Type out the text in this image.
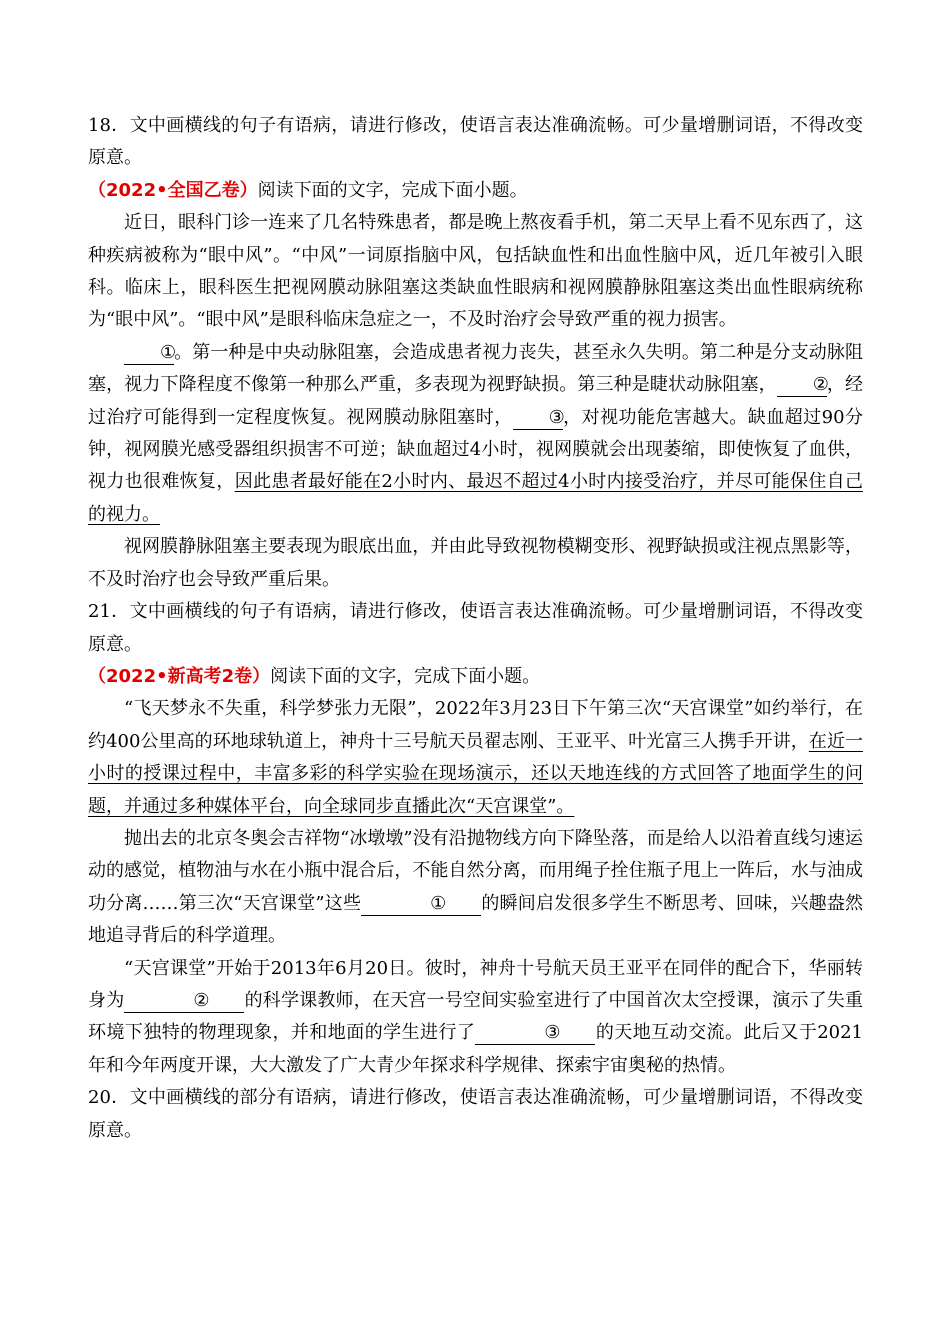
18．文中画横线的句子有语病，请进行修改，使语言表达准确流畅。可少量增删词语，不得改变原意。

（2022•全国乙卷）阅读下面的文字，完成下面小题。

近日，眼科门诊一连来了几名特殊患者，都是晚上熬夜看手机，第二天早上看不见东西了，这种疾病被称为“眼中风”。“中风”一词原指脑中风，包括缺血性和出血性脑中风，近几年被引入眼科。临床上，眼科医生把视网膜动脉阻塞这类缺血性眼病和视网膜静脉阻塞这类出血性眼病统称为“眼中风”。“眼中风”是眼科临床急症之一，不及时治疗会导致严重的视力损害。

①。第一种是中央动脉阻塞，会造成患者视力丧失，甚至永久失明。第二种是分支动脉阻塞，视力下降程度不像第一种那么严重，多表现为视野缺损。第三种是睫状动脉阻塞， ②，经过治疗可能得到一定程度恢复。视网膜动脉阻塞时， ③，对视功能危害越大。缺血超过90分钟，视网膜光感受器组织损害不可逆；缺血超过4小时，视网膜就会出现萎缩，即使恢复了血供，视力也很难恢复，因此患者最好能在2小时内、最迟不超过4小时内接受治疗，并尽可能保住自己的视力。

视网膜静脉阻塞主要表现为眼底出血，并由此导致视物模糊变形、视野缺损或注视点黑影等，不及时治疗也会导致严重后果。

21．文中画横线的句子有语病，请进行修改，使语言表达准确流畅。可少量增删词语，不得改变原意。

（2022•新高考2卷）阅读下面的文字，完成下面小题。

“飞天梦永不失重，科学梦张力无限”，2022年3月23日下午第三次“天宫课堂”如约举行，在约400公里高的环地球轨道上，神舟十三号航天员翟志刚、王亚平、叶光富三人携手开讲，在近一小时的授课过程中，丰富多彩的科学实验在现场演示，还以天地连线的方式回答了地面学生的问题，并通过多种媒体平台，向全球同步直播此次“天宫课堂”。

抛出去的北京冬奥会吉祥物“冰墩墩”没有沿抛物线方向下降坠落，而是给人以沿着直线匀速运动的感觉，植物油与水在小瓶中混合后，不能自然分离，而用绳子拴住瓶子甩上一阵后，水与油成功分离……第三次“天宫课堂”这些	① 的瞬间启发很多学生不断思考、回味，兴趣盎然地追寻背后的科学道理。

“天宫课堂”开始于2013年6月20日。彼时，神舟十号航天员王亚平在同伴的配合下，华丽转身为	② 的科学课教师，在天宫一号空间实验室进行了中国首次太空授课，演示了失重环境下独特的物理现象，并和地面的学生进行了	③ 的天地互动交流。此后又于2021年和今年两度开课，大大激发了广大青少年探求科学规律、探索宇宙奥秘的热情。

20．文中画横线的部分有语病，请进行修改，使语言表达准确流畅，可少量增删词语，不得改变原意。
